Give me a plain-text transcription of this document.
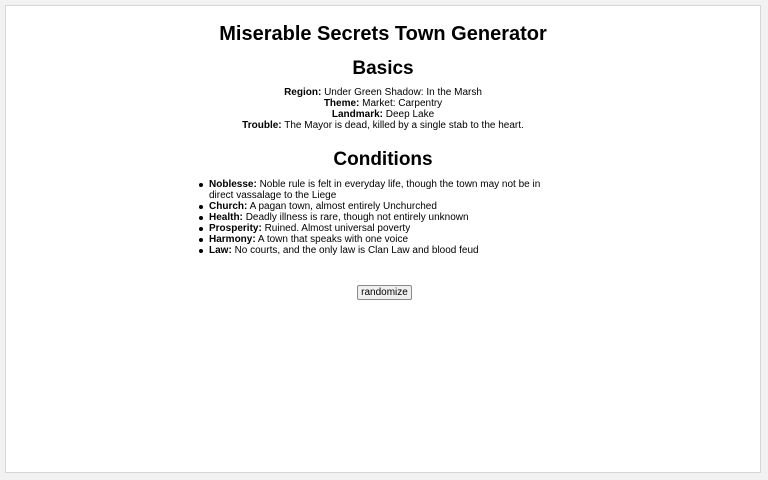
Miserable Secrets Town Generator
Basics
Region: Under Green Shadow: In the Marsh
Theme: Market: Carpentry
Landmark: Deep Lake
Trouble: The Mayor is dead, killed by a single stab to the heart.
Conditions
Noblesse: Noble rule is felt in everyday life, though the town may not be in direct vassalage to the Liege
Church: A pagan town, almost entirely Unchurched
Health: Deadly illness is rare, though not entirely unknown
Prosperity: Ruined. Almost universal poverty
Harmony: A town that speaks with one voice
Law: No courts, and the only law is Clan Law and blood feud
randomize
